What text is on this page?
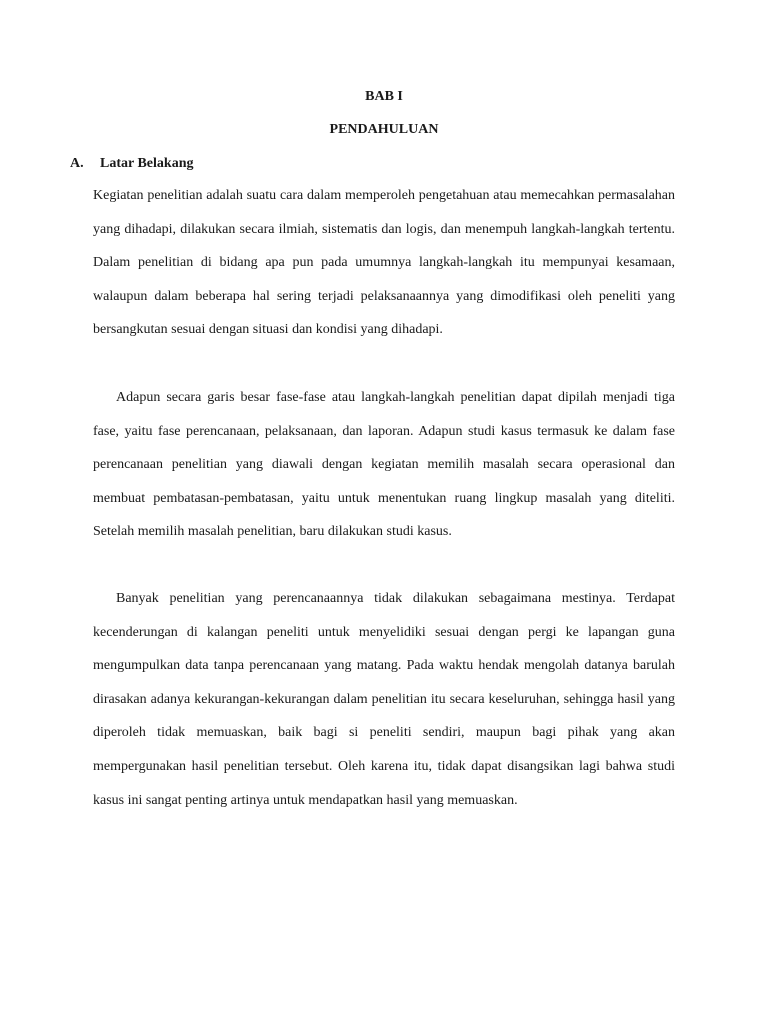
BAB I
PENDAHULUAN
A. Latar Belakang

Kegiatan penelitian adalah suatu cara dalam memperoleh pengetahuan atau memecahkan permasalahan yang dihadapi, dilakukan secara ilmiah, sistematis dan logis, dan menempuh langkah-langkah tertentu. Dalam penelitian di bidang apa pun pada umumnya langkah-langkah itu mempunyai kesamaan, walaupun dalam beberapa hal sering terjadi pelaksanaannya yang dimodifikasi oleh peneliti yang bersangkutan sesuai dengan situasi dan kondisi yang dihadapi.

Adapun secara garis besar fase-fase atau langkah-langkah penelitian dapat dipilah menjadi tiga fase, yaitu fase perencanaan, pelaksanaan, dan laporan. Adapun studi kasus termasuk ke dalam fase perencanaan penelitian yang diawali dengan kegiatan memilih masalah secara operasional dan membuat pembatasan-pembatasan, yaitu untuk menentukan ruang lingkup masalah yang diteliti. Setelah memilih masalah penelitian, baru dilakukan studi kasus.

Banyak penelitian yang perencanaannya tidak dilakukan sebagaimana mestinya. Terdapat kecenderungan di kalangan peneliti untuk menyelidiki sesuai dengan pergi ke lapangan guna mengumpulkan data tanpa perencanaan yang matang. Pada waktu hendak mengolah datanya barulah dirasakan adanya kekurangan-kekurangan dalam penelitian itu secara keseluruhan, sehingga hasil yang diperoleh tidak memuaskan, baik bagi si peneliti sendiri, maupun bagi pihak yang akan mempergunakan hasil penelitian tersebut. Oleh karena itu, tidak dapat disangsikan lagi bahwa studi kasus ini sangat penting artinya untuk mendapatkan hasil yang memuaskan.
